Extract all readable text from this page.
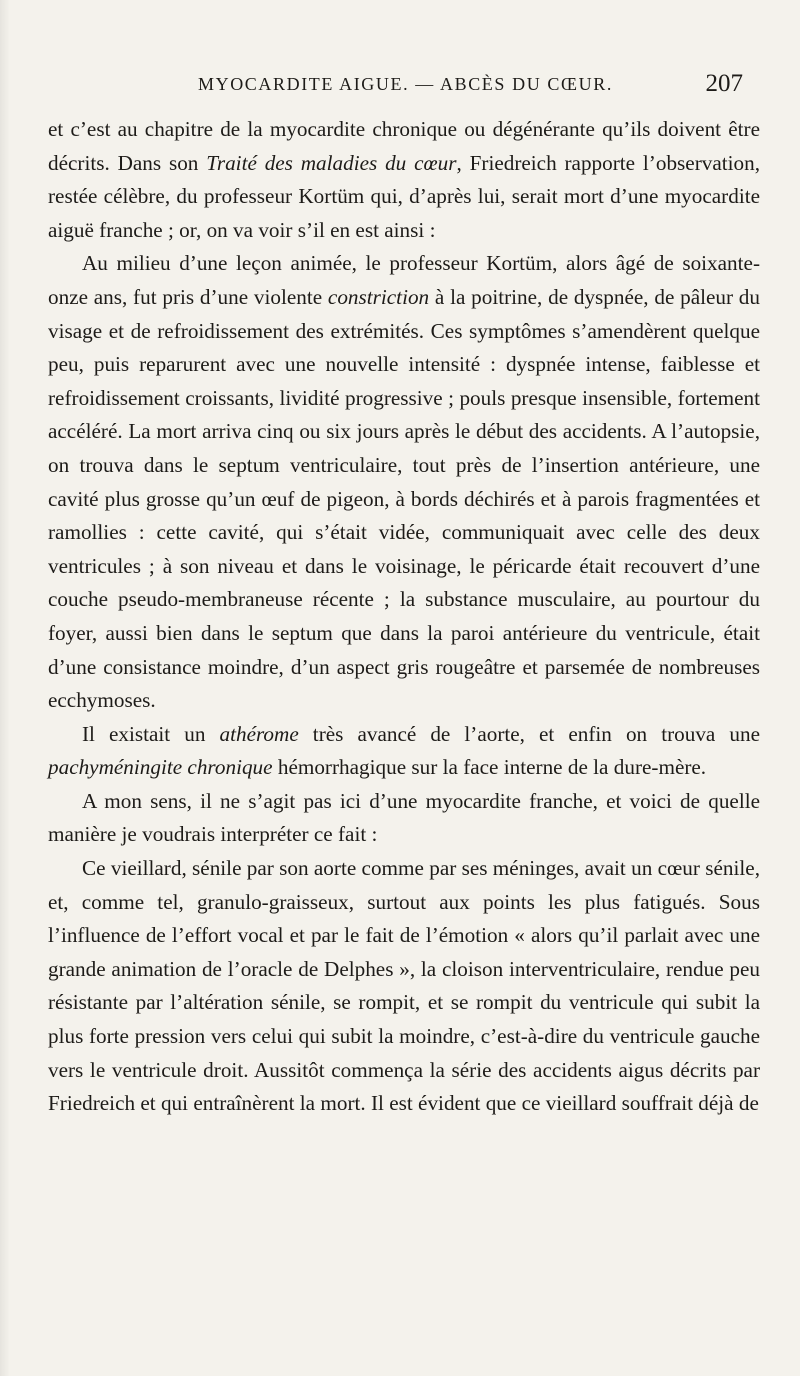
MYOCARDITE AIGUE. — ABCÈS DU CŒUR.	207

et c’est au chapitre de la myocardite chronique ou dégénérante qu’ils doivent être décrits. Dans son Traité des maladies du cœur, Friedreich rapporte l’observation, restée célèbre, du professeur Kortüm qui, d’après lui, serait mort d’une myocardite aiguë franche ; or, on va voir s’il en est ainsi :

Au milieu d’une leçon animée, le professeur Kortüm, alors âgé de soixante-onze ans, fut pris d’une violente constriction à la poitrine, de dyspnée, de pâleur du visage et de refroidissement des extrémités. Ces symptômes s’amendèrent quelque peu, puis reparurent avec une nouvelle intensité : dyspnée intense, faiblesse et refroidissement croissants, lividité progressive ; pouls presque insensible, fortement accéléré. La mort arriva cinq ou six jours après le début des accidents. A l’autopsie, on trouva dans le septum ventriculaire, tout près de l’insertion antérieure, une cavité plus grosse qu’un œuf de pigeon, à bords déchirés et à parois fragmentées et ramollies : cette cavité, qui s’était vidée, communiquait avec celle des deux ventricules ; à son niveau et dans le voisinage, le péricarde était recouvert d’une couche pseudo-membraneuse récente ; la substance musculaire, au pourtour du foyer, aussi bien dans le septum que dans la paroi antérieure du ventricule, était d’une consistance moindre, d’un aspect gris rougeâtre et parsemée de nombreuses ecchymoses.

Il existait un athérome très avancé de l’aorte, et enfin on trouva une pachyméningite chronique hémorrhagique sur la face interne de la dure-mère.

A mon sens, il ne s’agit pas ici d’une myocardite franche, et voici de quelle manière je voudrais interpréter ce fait :

Ce vieillard, sénile par son aorte comme par ses méninges, avait un cœur sénile, et, comme tel, granulo-graisseux, surtout aux points les plus fatigués. Sous l’influence de l’effort vocal et par le fait de l’émotion « alors qu’il parlait avec une grande animation de l’oracle de Delphes », la cloison interventriculaire, rendue peu résistante par l’altération sénile, se rompit, et se rompit du ventricule qui subit la plus forte pression vers celui qui subit la moindre, c’est-à-dire du ventricule gauche vers le ventricule droit. Aussitôt commença la série des accidents aigus décrits par Friedreich et qui entraînèrent la mort. Il est évident que ce vieillard souffrait déjà de
